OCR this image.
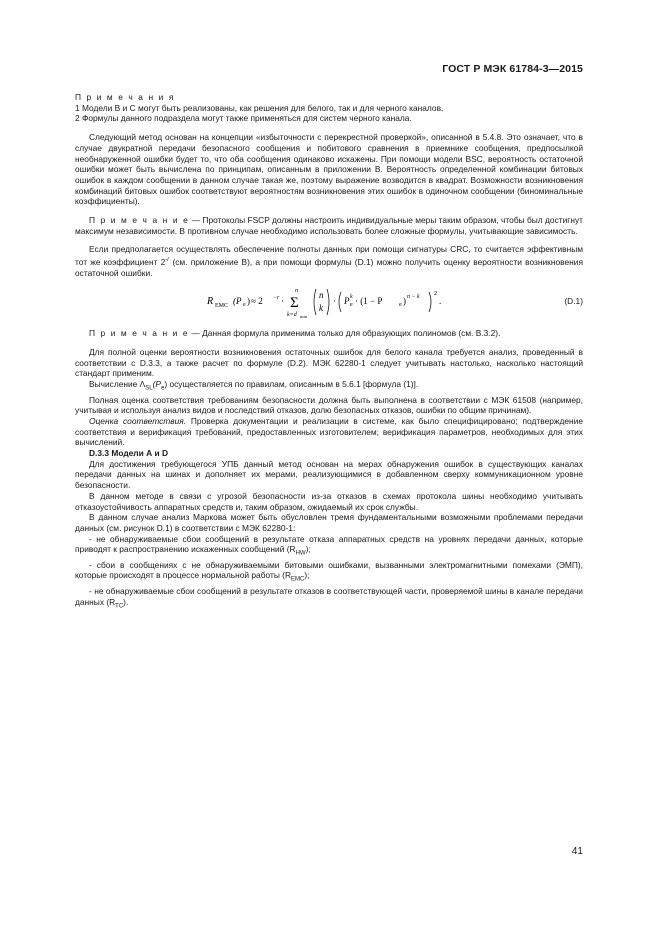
ГОСТ Р МЭК 61784-3—2015

П р и м е ч а н и я

1 Модели В и С могут быть реализованы, как решения для белого, так и для черного каналов.

2 Формулы данного подраздела могут также применяться для систем черного канала.

Следующий метод основан на концепции «избыточности с перекрестной проверкой», описанной в 5.4.8. Это означает, что в случае двукратной передачи безопасного сообщения и побитового сравнения в приемнике сообщения, предпосылкой необнаруженной ошибки будет то, что оба сообщения одинаково искажены. При помощи модели BSC, вероятность остаточной ошибки может быть вычислена по принципам, описанным в приложении В. Вероятность определенной комбинации битовых ошибок в каждом сообщении в данном случае такая же, поэтому выражение возводится в квадрат. Возможности возникновения комбинаций битовых ошибок соответствуют вероятностям возникновения этих ошибок в одиночном сообщении (биноминальные коэффициенты).

П р и м е ч а н и е — Протоколы FSCP должны настроить индивидуальные меры таким образом, чтобы был достигнут максимум независимости. В противном случае необходимо использовать более сложные формулы, учитывающие зависимость.

Если предполагается осуществлять обеспечение полноты данных при помощи сигнатуры CRC, то считается эффективным тот же коэффициент $2^{-r}$ (см. приложение В), а при помощи формулы (D.1) можно получить оценку вероятности возникновения остаточной ошибки.

R EMC (P e ) ≈ 2 −r ·
n
Σ
k=d min
n
k
· P e
k · (1 − P	e ) n − k 2
.	(D.1)

П р и м е ч а н и е — Данная формула применима только для образующих полиномов (см. В.3.2).

Для полной оценки вероятности возникновения остаточных ошибок для белого канала требуется анализ, проведенный в соответствии с D.3.3, а также расчет по формуле (D.2). МЭК 62280-1 следует учитывать настолько, насколько настоящий стандарт применим.

Вычисление $\Lambda_{SL}(P_e)$ осуществляется по правилам, описанным в 5.6.1 [формула (1)].

Полная оценка соответствия требованиям безопасности должна быть выполнена в соответствии с МЭК 61508 (например, учитывая и используя анализ видов и последствий отказов, долю безопасных отказов, ошибки по общим причинам).

Оценка соответствия. Проверка документации и реализации в системе, как было специфицировано; подтверждение соответствия и верификация требований, предоставленных изготовителем; верификация параметров, необходимых для этих вычислений.

D.3.3 Модели А и D

Для достижения требующегося УПБ данный метод основан на мерах обнаружения ошибок в существующих каналах передачи данных на шинах и дополняет их мерами, реализующимися в добавленном сверху коммуникационном уровне безопасности.

В данном методе в связи с угрозой безопасности из-за отказов в схемах протокола шины необходимо учитывать отказоустойчивость аппаратных средств и, таким образом, ожидаемый их срок службы.

В данном случае анализ Маркова может быть обусловлен тремя фундаментальными возможными проблемами передачи данных (см. рисунок D.1) в соответствии с МЭК 62280-1:

- не обнаруживаемые сбои сообщений в результате отказа аппаратных средств на уровнях передачи данных, которые приводят к распространению искаженных сообщений $(R_{HW})$;

- сбои в сообщениях с не обнаруживаемыми битовыми ошибками, вызванными электромагнитными помехами (ЭМП), которые происходят в процессе нормальной работы $(R_{EMC})$;

- не обнаруживаемые сбои сообщений в результате отказов в соответствующей части, проверяемой шины в канале передачи данных $(R_{TC})$.

41
